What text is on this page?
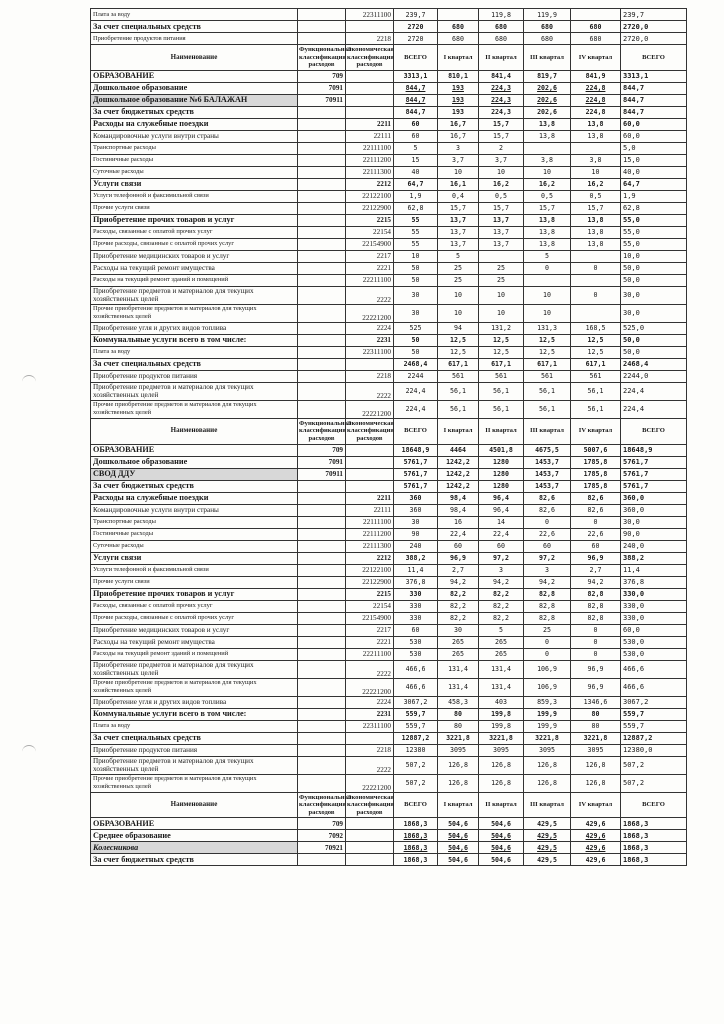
Плата за воду		22311100	239,7		119,8	119,9		239,7
За счет специальных средств			2720	680	680	680	680	2720,0
Приобретение продуктов питания		2218	2720	680	680	680	680	2720,0
Наименование	Функциональная классификация расходов	Экономическая классификация расходов	ВСЕГО	I квартал	II квартал	III квартал	IV квартал	ВСЕГО
ОБРАЗОВАНИЕ	709		3313,1	810,1	841,4	819,7	841,9	3313,1
Дошкольное образование	7091		844,7	193	224,3	202,6	224,8	844,7
Дошкольное образование №6 БАЛАЖАН	70911		844,7	193	224,3	202,6	224,8	844,7
За счет бюджетных средств			844,7	193	224,3	202,6	224,8	844,7
Расходы на служебные поездки		2211	60	16,7	15,7	13,8	13,8	60,0
Командировочные услуги внутри страны		22111	60	16,7	15,7	13,8	13,8	60,0
Транспортные расходы		22111100	5	3	2			5,0
Гостиничные расходы		22111200	15	3,7	3,7	3,8	3,8	15,0
Суточные расходы		22111300	40	10	10	10	10	40,0
Услуги связи		2212	64,7	16,1	16,2	16,2	16,2	64,7
Услуги телефонной и факсимильной связи		22122100	1,9	0,4	0,5	0,5	0,5	1,9
Прочие услуги связи		22122900	62,8	15,7	15,7	15,7	15,7	62,8
Приобретение прочих товаров и услуг		2215	55	13,7	13,7	13,8	13,8	55,0
Расходы, связанные с оплатой прочих услуг		22154	55	13,7	13,7	13,8	13,8	55,0
Прочие расходы, связанные с оплатой прочих услуг		22154900	55	13,7	13,7	13,8	13,8	55,0
Приобретение медицинских товаров и услуг		2217	10	5		5		10,0
Расходы на текущий ремонт имущества		2221	50	25	25	0	0	50,0
Расходы на текущий ремонт зданий и помещений		22211100	50	25	25			50,0
Приобретение предметов и материалов для текущих хозяйственных целей		2222	30	10	10	10	0	30,0
Прочие приобретение предметов и материалов для текущих хозяйственных целей		22221200	30	10	10	10		30,0
Приобретение угля и других видов топлива		2224	525	94	131,2	131,3	168,5	525,0
Коммунальные услуги всего в том числе:		2231	50	12,5	12,5	12,5	12,5	50,0
Плата за воду		22311100	50	12,5	12,5	12,5	12,5	50,0
За счет специальных средств			2468,4	617,1	617,1	617,1	617,1	2468,4
Приобретение продуктов питания		2218	2244	561	561	561	561	2244,0
Приобретение предметов и материалов для текущих хозяйственных целей		2222	224,4	56,1	56,1	56,1	56,1	224,4
Прочие приобретение предметов и материалов для текущих хозяйственных целей		22221200	224,4	56,1	56,1	56,1	56,1	224,4
Наименование	Функциональная классификация расходов	Экономическая классификация расходов	ВСЕГО	I квартал	II квартал	III квартал	IV квартал	ВСЕГО
ОБРАЗОВАНИЕ	709		18648,9	4464	4501,8	4675,5	5007,6	18648,9
Дошкольное образование	7091		5761,7	1242,2	1280	1453,7	1785,8	5761,7
СВОД ДДУ	70911		5761,7	1242,2	1280	1453,7	1785,8	5761,7
За счет бюджетных средств			5761,7	1242,2	1280	1453,7	1785,8	5761,7
Расходы на служебные поездки		2211	360	98,4	96,4	82,6	82,6	360,0
Командировочные услуги внутри страны		22111	360	98,4	96,4	82,6	82,6	360,0
Транспортные расходы		22111100	30	16	14	0	0	30,0
Гостиничные расходы		22111200	90	22,4	22,4	22,6	22,6	90,0
Суточные расходы		22111300	240	60	60	60	60	240,0
Услуги связи		2212	388,2	96,9	97,2	97,2	96,9	388,2
Услуги телефонной и факсимильной связи		22122100	11,4	2,7	3	3	2,7	11,4
Прочие услуги связи		22122900	376,8	94,2	94,2	94,2	94,2	376,8
Приобретение прочих товаров и услуг		2215	330	82,2	82,2	82,8	82,8	330,0
Расходы, связанные с оплатой прочих услуг		22154	330	82,2	82,2	82,8	82,8	330,0
Прочие расходы, связанные с оплатой прочих услуг		22154900	330	82,2	82,2	82,8	82,8	330,0
Приобретение медицинских товаров и услуг		2217	60	30	5	25	0	60,0
Расходы на текущий ремонт имущества		2221	530	265	265	0	0	530,0
Расходы на текущий ремонт зданий и помещений		22211100	530	265	265	0	0	530,0
Приобретение предметов и материалов для текущих хозяйственных целей		2222	466,6	131,4	131,4	106,9	96,9	466,6
Прочие приобретение предметов и материалов для текущих хозяйственных целей		22221200	466,6	131,4	131,4	106,9	96,9	466,6
Приобретение угля и других видов топлива		2224	3067,2	458,3	403	859,3	1346,6	3067,2
Коммунальные услуги всего в том числе:		2231	559,7	80	199,8	199,9	80	559,7
Плата за воду		22311100	559,7	80	199,8	199,9	80	559,7
За счет специальных средств			12887,2	3221,8	3221,8	3221,8	3221,8	12887,2
Приобретение продуктов питания		2218	12380	3095	3095	3095	3095	12380,0
Приобретение предметов и материалов для текущих хозяйственных целей		2222	507,2	126,8	126,8	126,8	126,8	507,2
Прочие приобретение предметов и материалов для текущих хозяйственных целей		22221200	507,2	126,8	126,8	126,8	126,8	507,2
Наименование	Функциональная классификация расходов	Экономическая классификация расходов	ВСЕГО	I квартал	II квартал	III квартал	IV квартал	ВСЕГО
ОБРАЗОВАНИЕ	709		1868,3	504,6	504,6	429,5	429,6	1868,3
Среднее образование	7092		1868,3	504,6	504,6	429,5	429,6	1868,3
Колесникова	70921		1868,3	504,6	504,6	429,5	429,6	1868,3
За счет бюджетных средств			1868,3	504,6	504,6	429,5	429,6	1868,3
